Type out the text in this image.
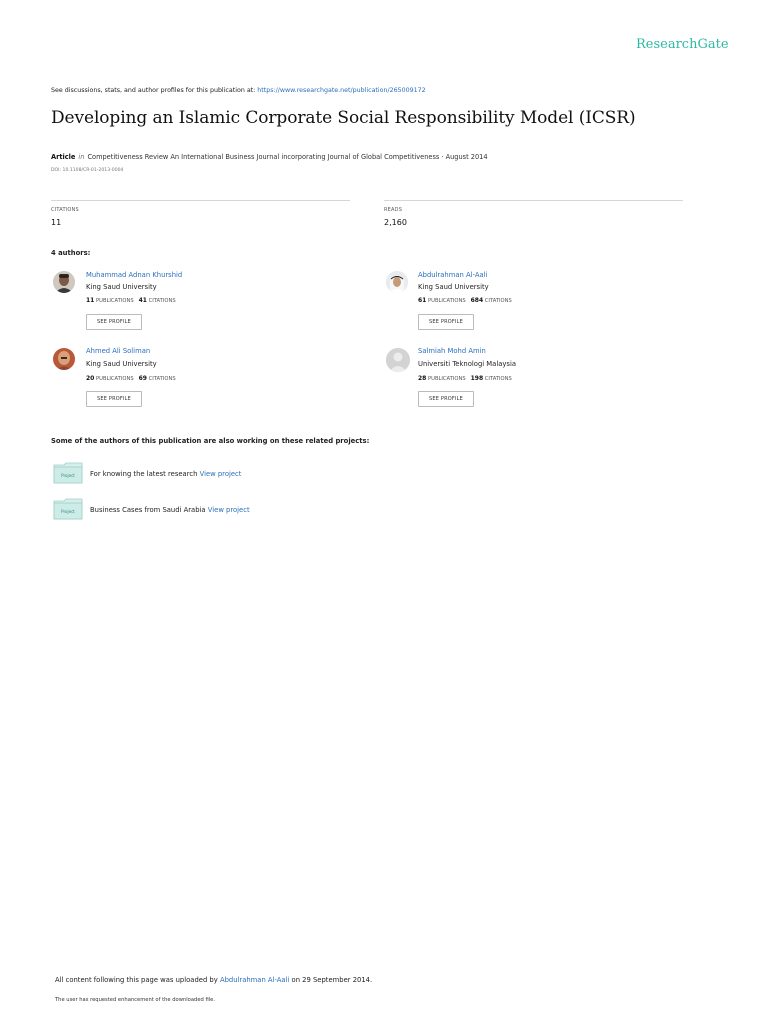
ResearchGate
See discussions, stats, and author profiles for this publication at: https://www.researchgate.net/publication/265009172
Developing an Islamic Corporate Social Responsibility Model (ICSR)
Article in Competitiveness Review An International Business Journal incorporating Journal of Global Competitiveness · August 2014
DOI: 10.1108/CR-01-2013-0004
CITATIONS
11
READS
2,160
4 authors:
Muhammad Adnan Khurshid
King Saud University
11 PUBLICATIONS 41 CITATIONS
SEE PROFILE
Abdulrahman Al-Aali
King Saud University
61 PUBLICATIONS 684 CITATIONS
SEE PROFILE
Ahmed Ali Soliman
King Saud University
20 PUBLICATIONS 69 CITATIONS
SEE PROFILE
Salmiah Mohd Amin
Universiti Teknologi Malaysia
28 PUBLICATIONS 198 CITATIONS
SEE PROFILE
Some of the authors of this publication are also working on these related projects:
Project For knowing the latest research View project
Project Business Cases from Saudi Arabia View project
All content following this page was uploaded by Abdulrahman Al-Aali on 29 September 2014.
The user has requested enhancement of the downloaded file.
